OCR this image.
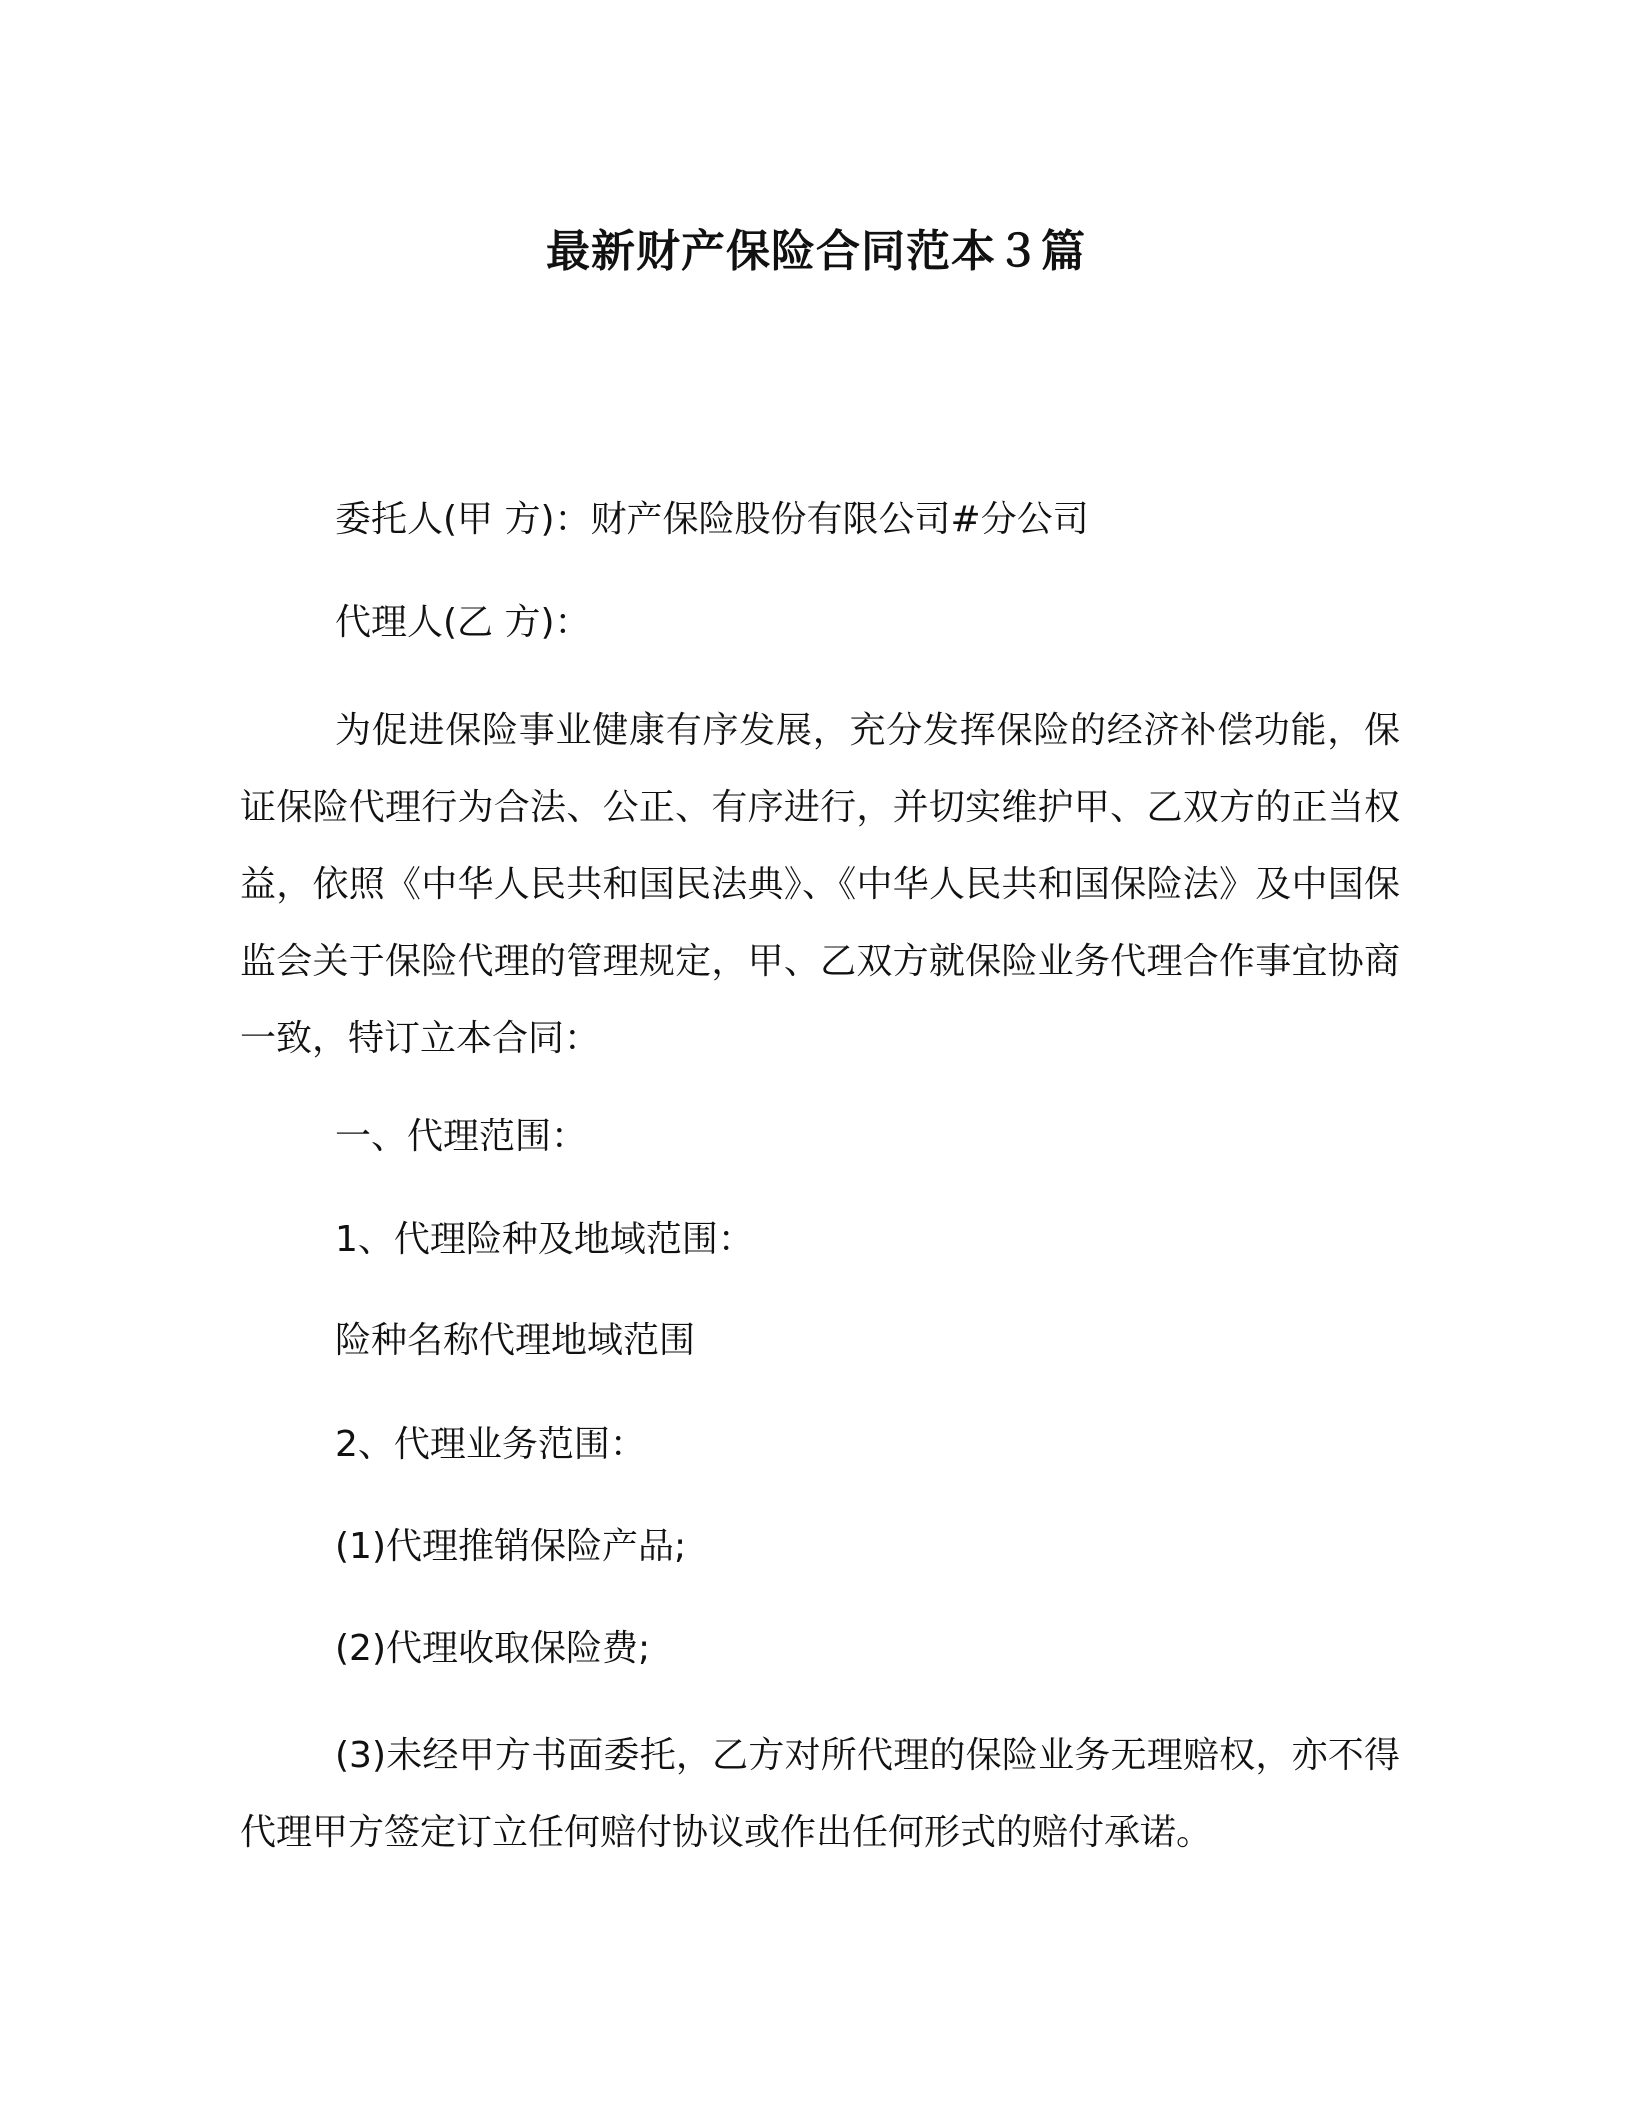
最新财产保险合同范本３篇
委托人(甲 方)：财产保险股份有限公司#分公司
代理人(乙 方)：
为促进保险事业健康有序发展，充分发挥保险的经济补偿功能，保证保险代理行为合法、公正、有序进行，并切实维护甲、乙双方的正当权益，依照《中华人民共和国民法典》、《中华人民共和国保险法》及中国保监会关于保险代理的管理规定，甲、乙双方就保险业务代理合作事宜协商一致，特订立本合同：
一、代理范围：
1、代理险种及地域范围：
险种名称代理地域范围
2、代理业务范围：
(1)代理推销保险产品;
(2)代理收取保险费;
(3)未经甲方书面委托，乙方对所代理的保险业务无理赔权，亦不得代理甲方签定订立任何赔付协议或作出任何形式的赔付承诺。
